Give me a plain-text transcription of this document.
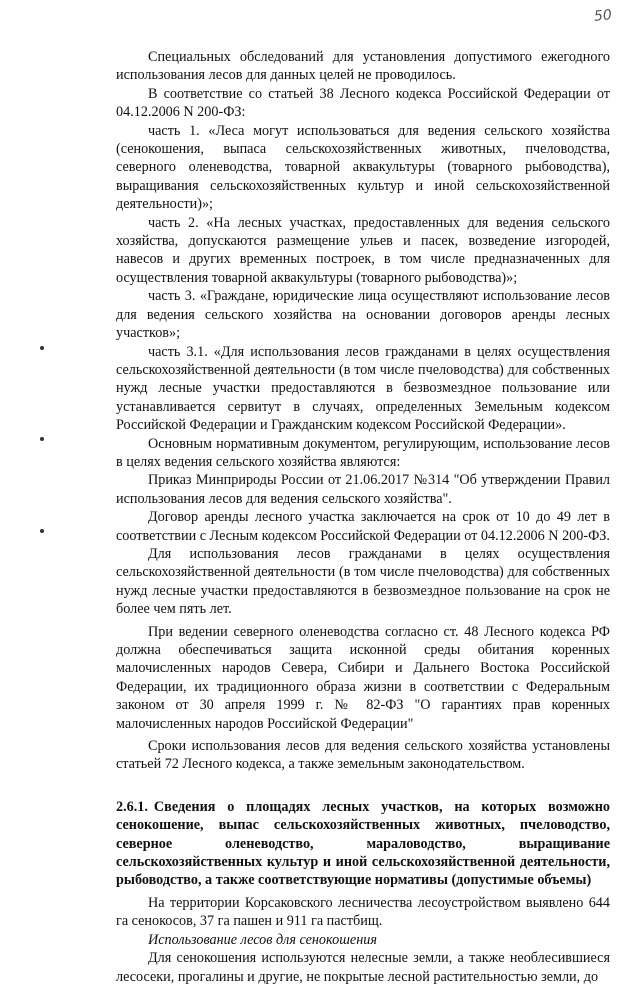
50

Специальных обследований для установления допустимого ежегодного использования лесов для данных целей не проводилось.

В соответствие со статьей 38 Лесного кодекса Российской Федерации от 04.12.2006 N 200-ФЗ:

часть 1. «Леса могут использоваться для ведения сельского хозяйства (сенокошения, выпаса сельскохозяйственных животных, пчеловодства, северного оленеводства, товарной аквакультуры (товарного рыбоводства), выращивания сельскохозяйственных культур и иной сельскохозяйственной деятельности)»;

часть 2. «На лесных участках, предоставленных для ведения сельского хозяйства, допускаются размещение ульев и пасек, возведение изгородей, навесов и других временных построек, в том числе предназначенных для осуществления товарной аквакультуры (товарного рыбоводства)»;

часть 3. «Граждане, юридические лица осуществляют использование лесов для ведения сельского хозяйства на основании договоров аренды лесных участков»;

часть 3.1. «Для использования лесов гражданами в целях осуществления сельскохозяйственной деятельности (в том числе пчеловодства) для собственных нужд лесные участки предоставляются в безвозмездное пользование или устанавливается сервитут в случаях, определенных Земельным кодексом Российской Федерации и Гражданским кодексом Российской Федерации».

Основным нормативным документом, регулирующим, использование лесов в целях ведения сельского хозяйства являются:

Приказ Минприроды России от 21.06.2017 №314 "Об утверждении Правил использования лесов для ведения сельского хозяйства".

Договор аренды лесного участка заключается на срок от 10 до 49 лет в соответствии с Лесным кодексом Российской Федерации от 04.12.2006 N 200-ФЗ.

Для использования лесов гражданами в целях осуществления сельскохозяйственной деятельности (в том числе пчеловодства) для собственных нужд лесные участки предоставляются в безвозмездное пользование на срок не более чем пять лет.

При ведении северного оленеводства согласно ст. 48 Лесного кодекса РФ должна обеспечиваться защита исконной среды обитания коренных малочисленных народов Севера, Сибири и Дальнего Востока Российской Федерации, их традиционного образа жизни в соответствии с Федеральным законом от 30 апреля 1999 г. № 82-ФЗ "О гарантиях прав коренных малочисленных народов Российской Федерации"

Сроки использования лесов для ведения сельского хозяйства установлены статьей 72 Лесного кодекса, а также земельным законодательством.

2.6.1. Сведения о площадях лесных участков, на которых возможно сенокошение, выпас сельскохозяйственных животных, пчеловодство, северное оленеводство, мараловодство, выращивание сельскохозяйственных культур и иной сельскохозяйственной деятельности, рыбоводство, а также соответствующие нормативы (допустимые объемы)

На территории Корсаковского лесничества лесоустройством выявлено 644 га сенокосов, 37 га пашен и 911 га пастбищ.

Использование лесов для сенокошения

Для сенокошения используются нелесные земли, а также необлесившиеся лесосеки, прогалины и другие, не покрытые лесной растительностью земли, до
